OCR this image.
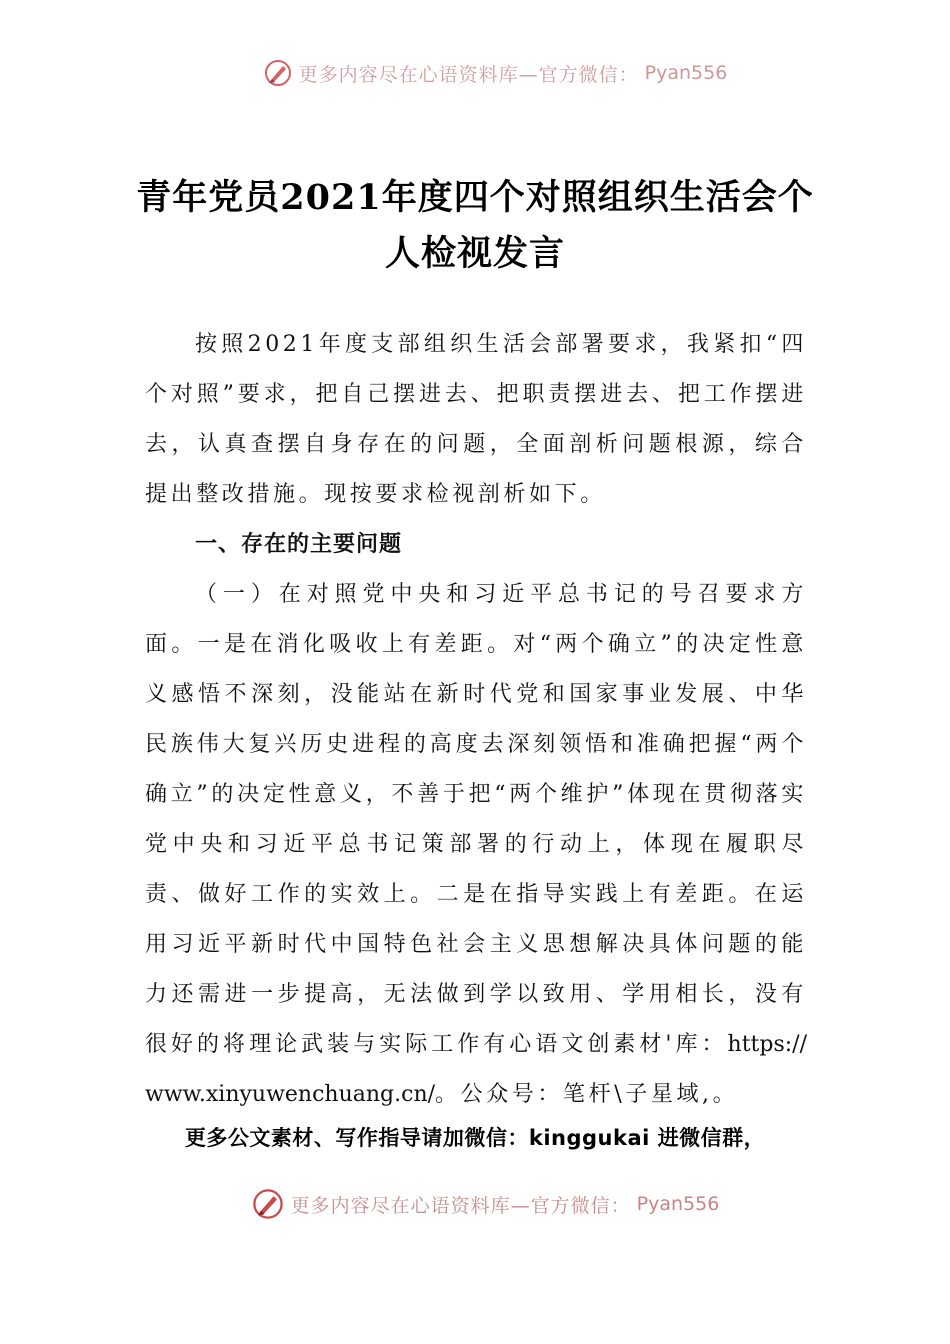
更多内容尽在心语资料库—官方微信： Pyan556
青年党员2021年度四个对照组织生活会个人检视发言

按照2021年度支部组织生活会部署要求，我紧扣“四个对照”要求，把自己摆进去、把职责摆进去、把工作摆进去，认真查摆自身存在的问题，全面剖析问题根源，综合提出整改措施。现按要求检视剖析如下。

一、存在的主要问题

（一）在对照党中央和习近平总书记的号召要求方面。一是在消化吸收上有差距。对“两个确立”的决定性意义感悟不深刻，没能站在新时代党和国家事业发展、中华民族伟大复兴历史进程的高度去深刻领悟和准确把握“两个确立”的决定性意义，不善于把“两个维护”体现在贯彻落实党中央和习近平总书记策部署的行动上，体现在履职尽责、做好工作的实效上。二是在指导实践上有差距。在运用习近平新时代中国特色社会主义思想解决具体问题的能力还需进一步提高，无法做到学以致用、学用相长，没有很好的将理论武装与实际工作有心语文创素材'库：https://www.xinyuwenchuang.cn/。公众号：笔杆\子星域,。

更多公文素材、写作指导请加微信：kinggukai 进微信群，
更多内容尽在心语资料库—官方微信： Pyan556
